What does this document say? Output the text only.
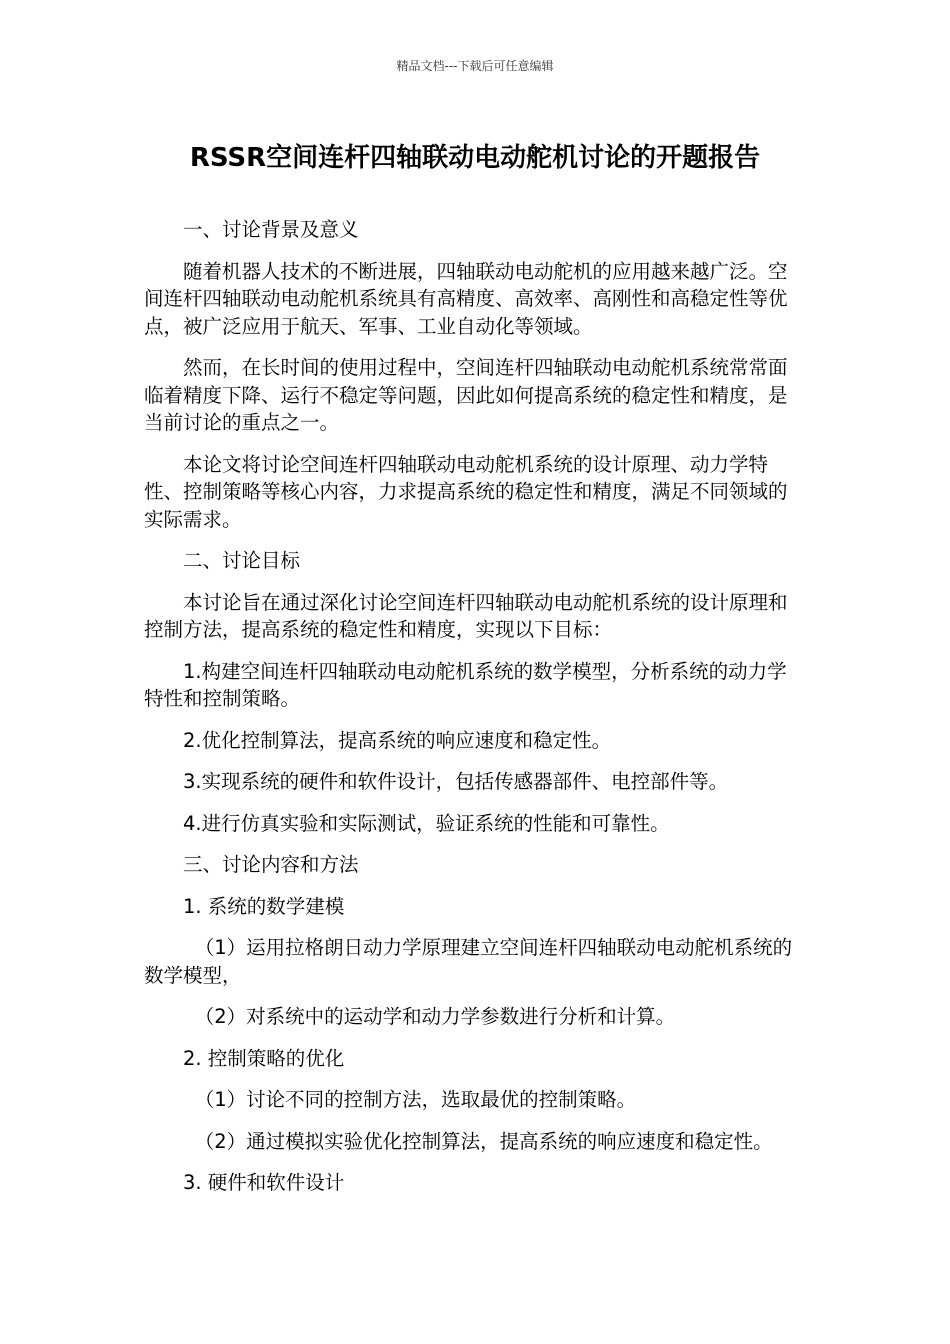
精品文档---下载后可任意编辑
RSSR空间连杆四轴联动电动舵机讨论的开题报告

一、讨论背景及意义

随着机器人技术的不断进展，四轴联动电动舵机的应用越来越广泛。空间连杆四轴联动电动舵机系统具有高精度、高效率、高刚性和高稳定性等优点，被广泛应用于航天、军事、工业自动化等领域。

然而，在长时间的使用过程中，空间连杆四轴联动电动舵机系统常常面临着精度下降、运行不稳定等问题，因此如何提高系统的稳定性和精度，是当前讨论的重点之一。

本论文将讨论空间连杆四轴联动电动舵机系统的设计原理、动力学特性、控制策略等核心内容，力求提高系统的稳定性和精度，满足不同领域的实际需求。

二、讨论目标

本讨论旨在通过深化讨论空间连杆四轴联动电动舵机系统的设计原理和控制方法，提高系统的稳定性和精度，实现以下目标：

1.构建空间连杆四轴联动电动舵机系统的数学模型，分析系统的动力学特性和控制策略。

2.优化控制算法，提高系统的响应速度和稳定性。

3.实现系统的硬件和软件设计，包括传感器部件、电控部件等。

4.进行仿真实验和实际测试，验证系统的性能和可靠性。

三、讨论内容和方法

1. 系统的数学建模

（1）运用拉格朗日动力学原理建立空间连杆四轴联动电动舵机系统的数学模型，

（2）对系统中的运动学和动力学参数进行分析和计算。

2. 控制策略的优化

（1）讨论不同的控制方法，选取最优的控制策略。

（2）通过模拟实验优化控制算法，提高系统的响应速度和稳定性。

3. 硬件和软件设计
